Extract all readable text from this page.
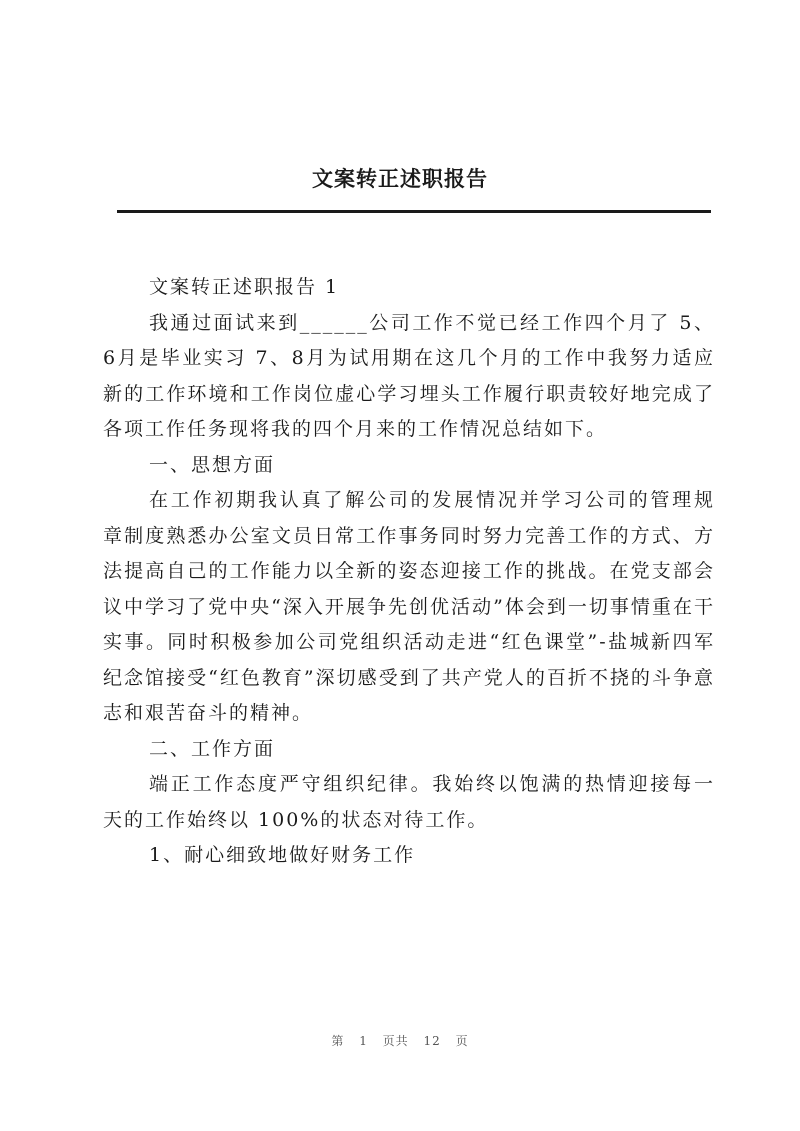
文案转正述职报告

文案转正述职报告 1

我通过面试来到______公司工作不觉已经工作四个月了 5、6月是毕业实习 7、8月为试用期在这几个月的工作中我努力适应新的工作环境和工作岗位虚心学习埋头工作履行职责较好地完成了各项工作任务现将我的四个月来的工作情况总结如下。

一、思想方面

在工作初期我认真了解公司的发展情况并学习公司的管理规章制度熟悉办公室文员日常工作事务同时努力完善工作的方式、方法提高自己的工作能力以全新的姿态迎接工作的挑战。在党支部会议中学习了党中央“深入开展争先创优活动”体会到一切事情重在干实事。同时积极参加公司党组织活动走进“红色课堂”-盐城新四军纪念馆接受“红色教育”深切感受到了共产党人的百折不挠的斗争意志和艰苦奋斗的精神。

二、工作方面

端正工作态度严守组织纪律。我始终以饱满的热情迎接每一天的工作始终以 100%的状态对待工作。

1、耐心细致地做好财务工作

第 1 页共 12 页
